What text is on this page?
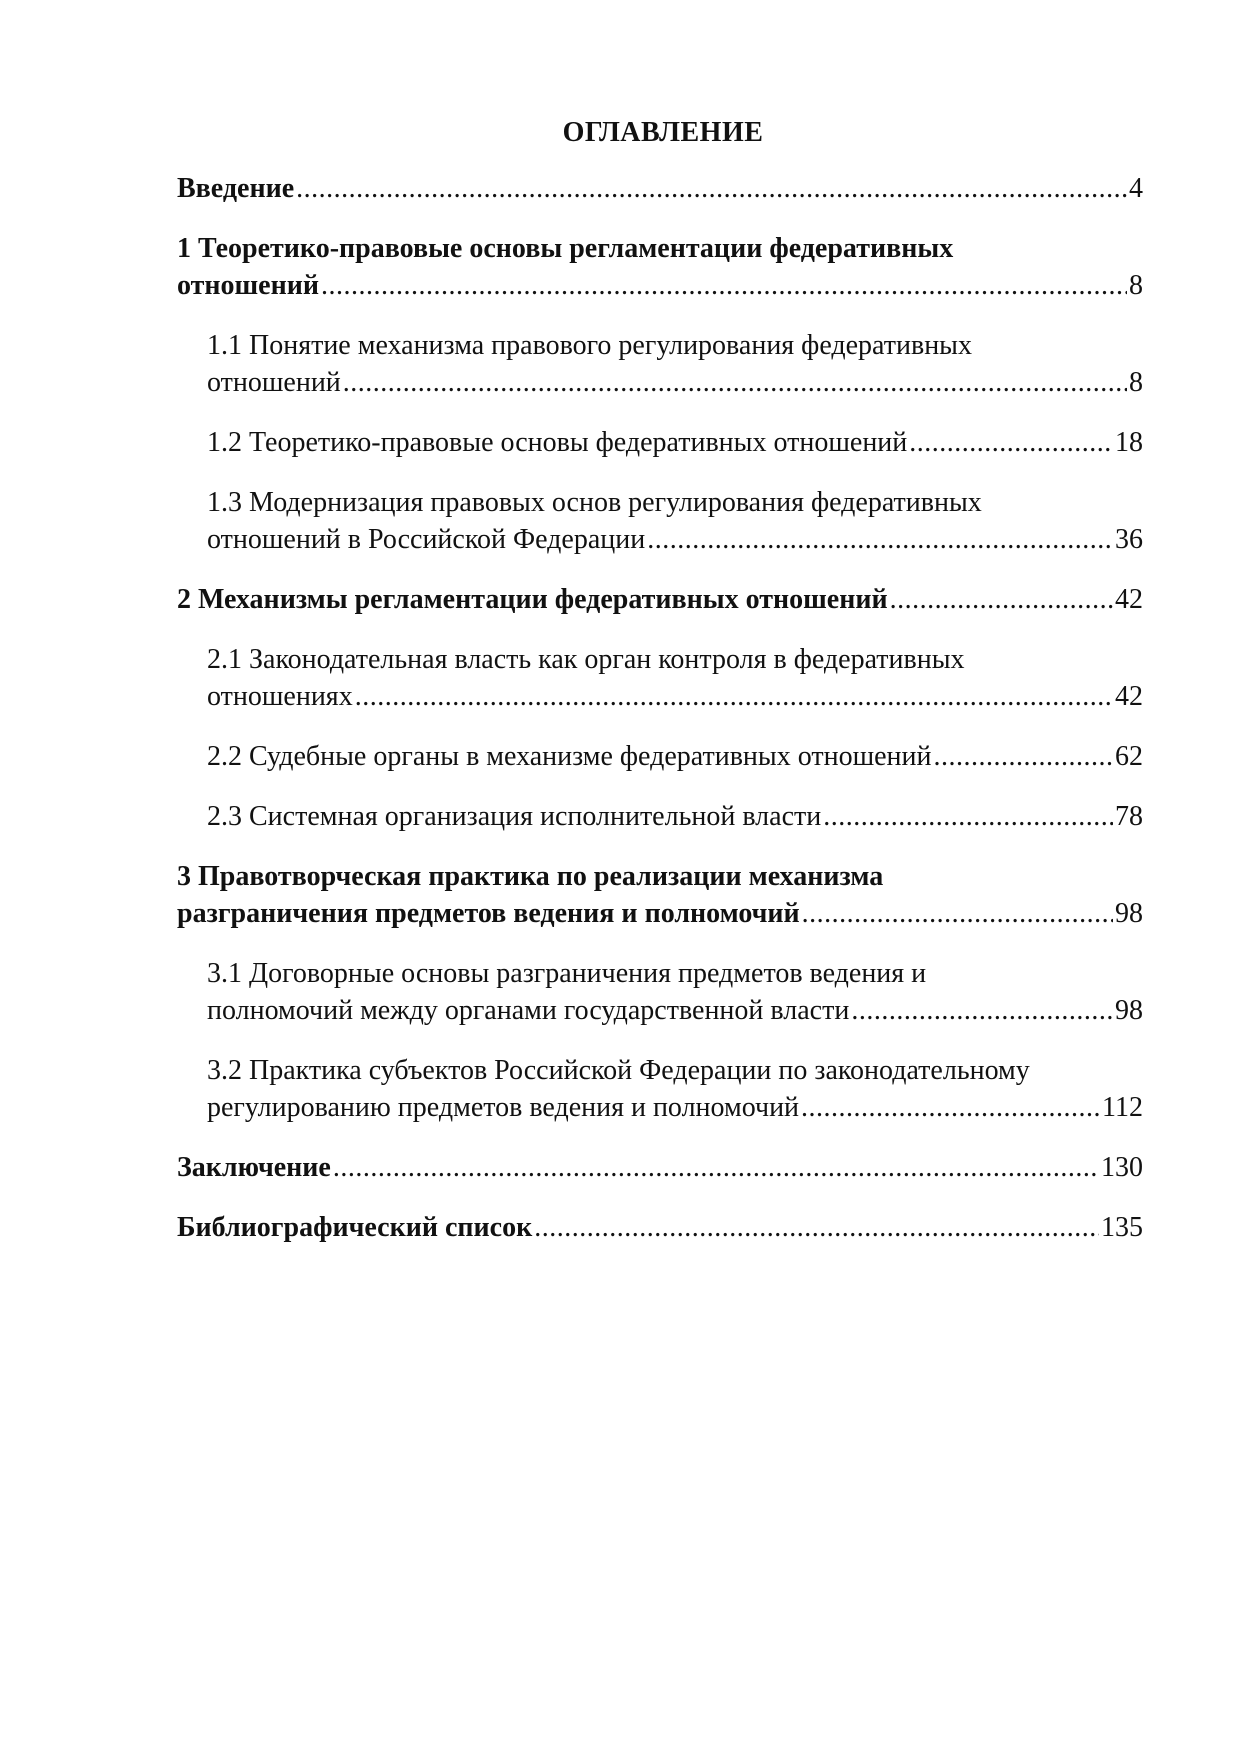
ОГЛАВЛЕНИЕ
Введение .....	4
1 Теоретико-правовые основы регламентации федеративных
отношений .....	8
1.1 Понятие механизма правового регулирования федеративных
отношений .....	8
1.2 Теоретико-правовые основы федеративных отношений .....	18
1.3 Модернизация правовых основ регулирования федеративных
отношений в Российской Федерации .....	36
2 Механизмы регламентации федеративных отношений .....	42
2.1 Законодательная власть как орган контроля в федеративных
отношениях .....	42
2.2 Судебные органы в механизме федеративных отношений .....	62
2.3 Системная организация исполнительной власти .....	78
3 Правотворческая практика по реализации механизма
разграничения предметов ведения и полномочий .....	98
3.1 Договорные основы разграничения предметов ведения и
полномочий между органами государственной власти .....	98
3.2 Практика субъектов Российской Федерации по законодательному
регулированию предметов ведения и полномочий .....	112
Заключение .....	130
Библиографический список .....	135
